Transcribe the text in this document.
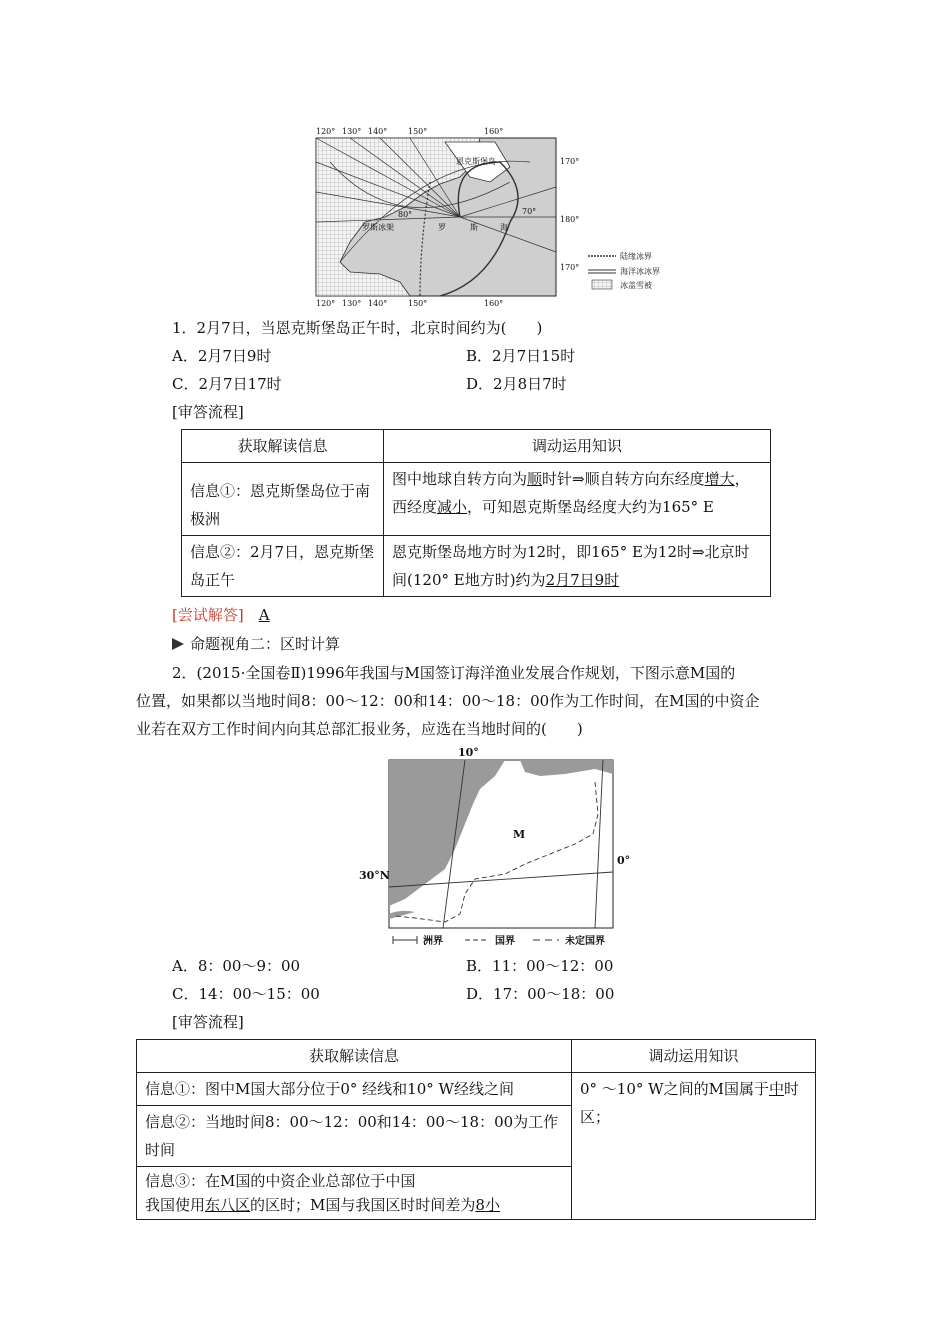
120° 130° 140°	150°	160°
120° 130° 140°	150°	160°
170°
180°
170°
80°	70°
恩克斯堡岛
罗斯冰架	罗	斯	海
陆缘冰界
海洋冰冰界
冰盖雪被
1．2月7日，当恩克斯堡岛正午时，北京时间约为(　　)
A．2月7日9时	B．2月7日15时
C．2月7日17时	D．2月8日7时
[审答流程]
获取解读信息	调动运用知识
信息①：恩克斯堡岛位于南极洲	图中地球自转方向为顺时针⇒顺自转方向东经度增大，西经度减小，可知恩克斯堡岛经度大约为165° E
信息②：2月7日，恩克斯堡岛正午	恩克斯堡岛地方时为12时，即165° E为12时⇒北京时间(120° E地方时)约为2月7日9时
[尝试解答]　 A
命题视角二：区时计算
2．(2015·全国卷Ⅱ)1996年我国与M国签订海洋渔业发展合作规划，下图示意M国的
位置，如果都以当地时间8：00～12：00和14：00～18：00作为工作时间，在M国的中资企
业若在双方工作时间内向其总部汇报业务，应选在当地时间的(　　)
10°
0°
30°N
M
洲界	国界	未定国界
A．8：00～9：00	B．11：00～12：00
C．14：00～15：00	D．17：00～18：00
[审答流程]
获取解读信息	调动运用知识
信息①：图中M国大部分位于0° 经线和10° W经线之间	0° ～10° W之间的M国属于中时区；
信息②：当地时间8：00～12：00和14：00～18：00为工作时间	

信息③：在M国的中资企业总部位于中国
我国使用东八区的区时；M国与我国区时时间差为8小	
